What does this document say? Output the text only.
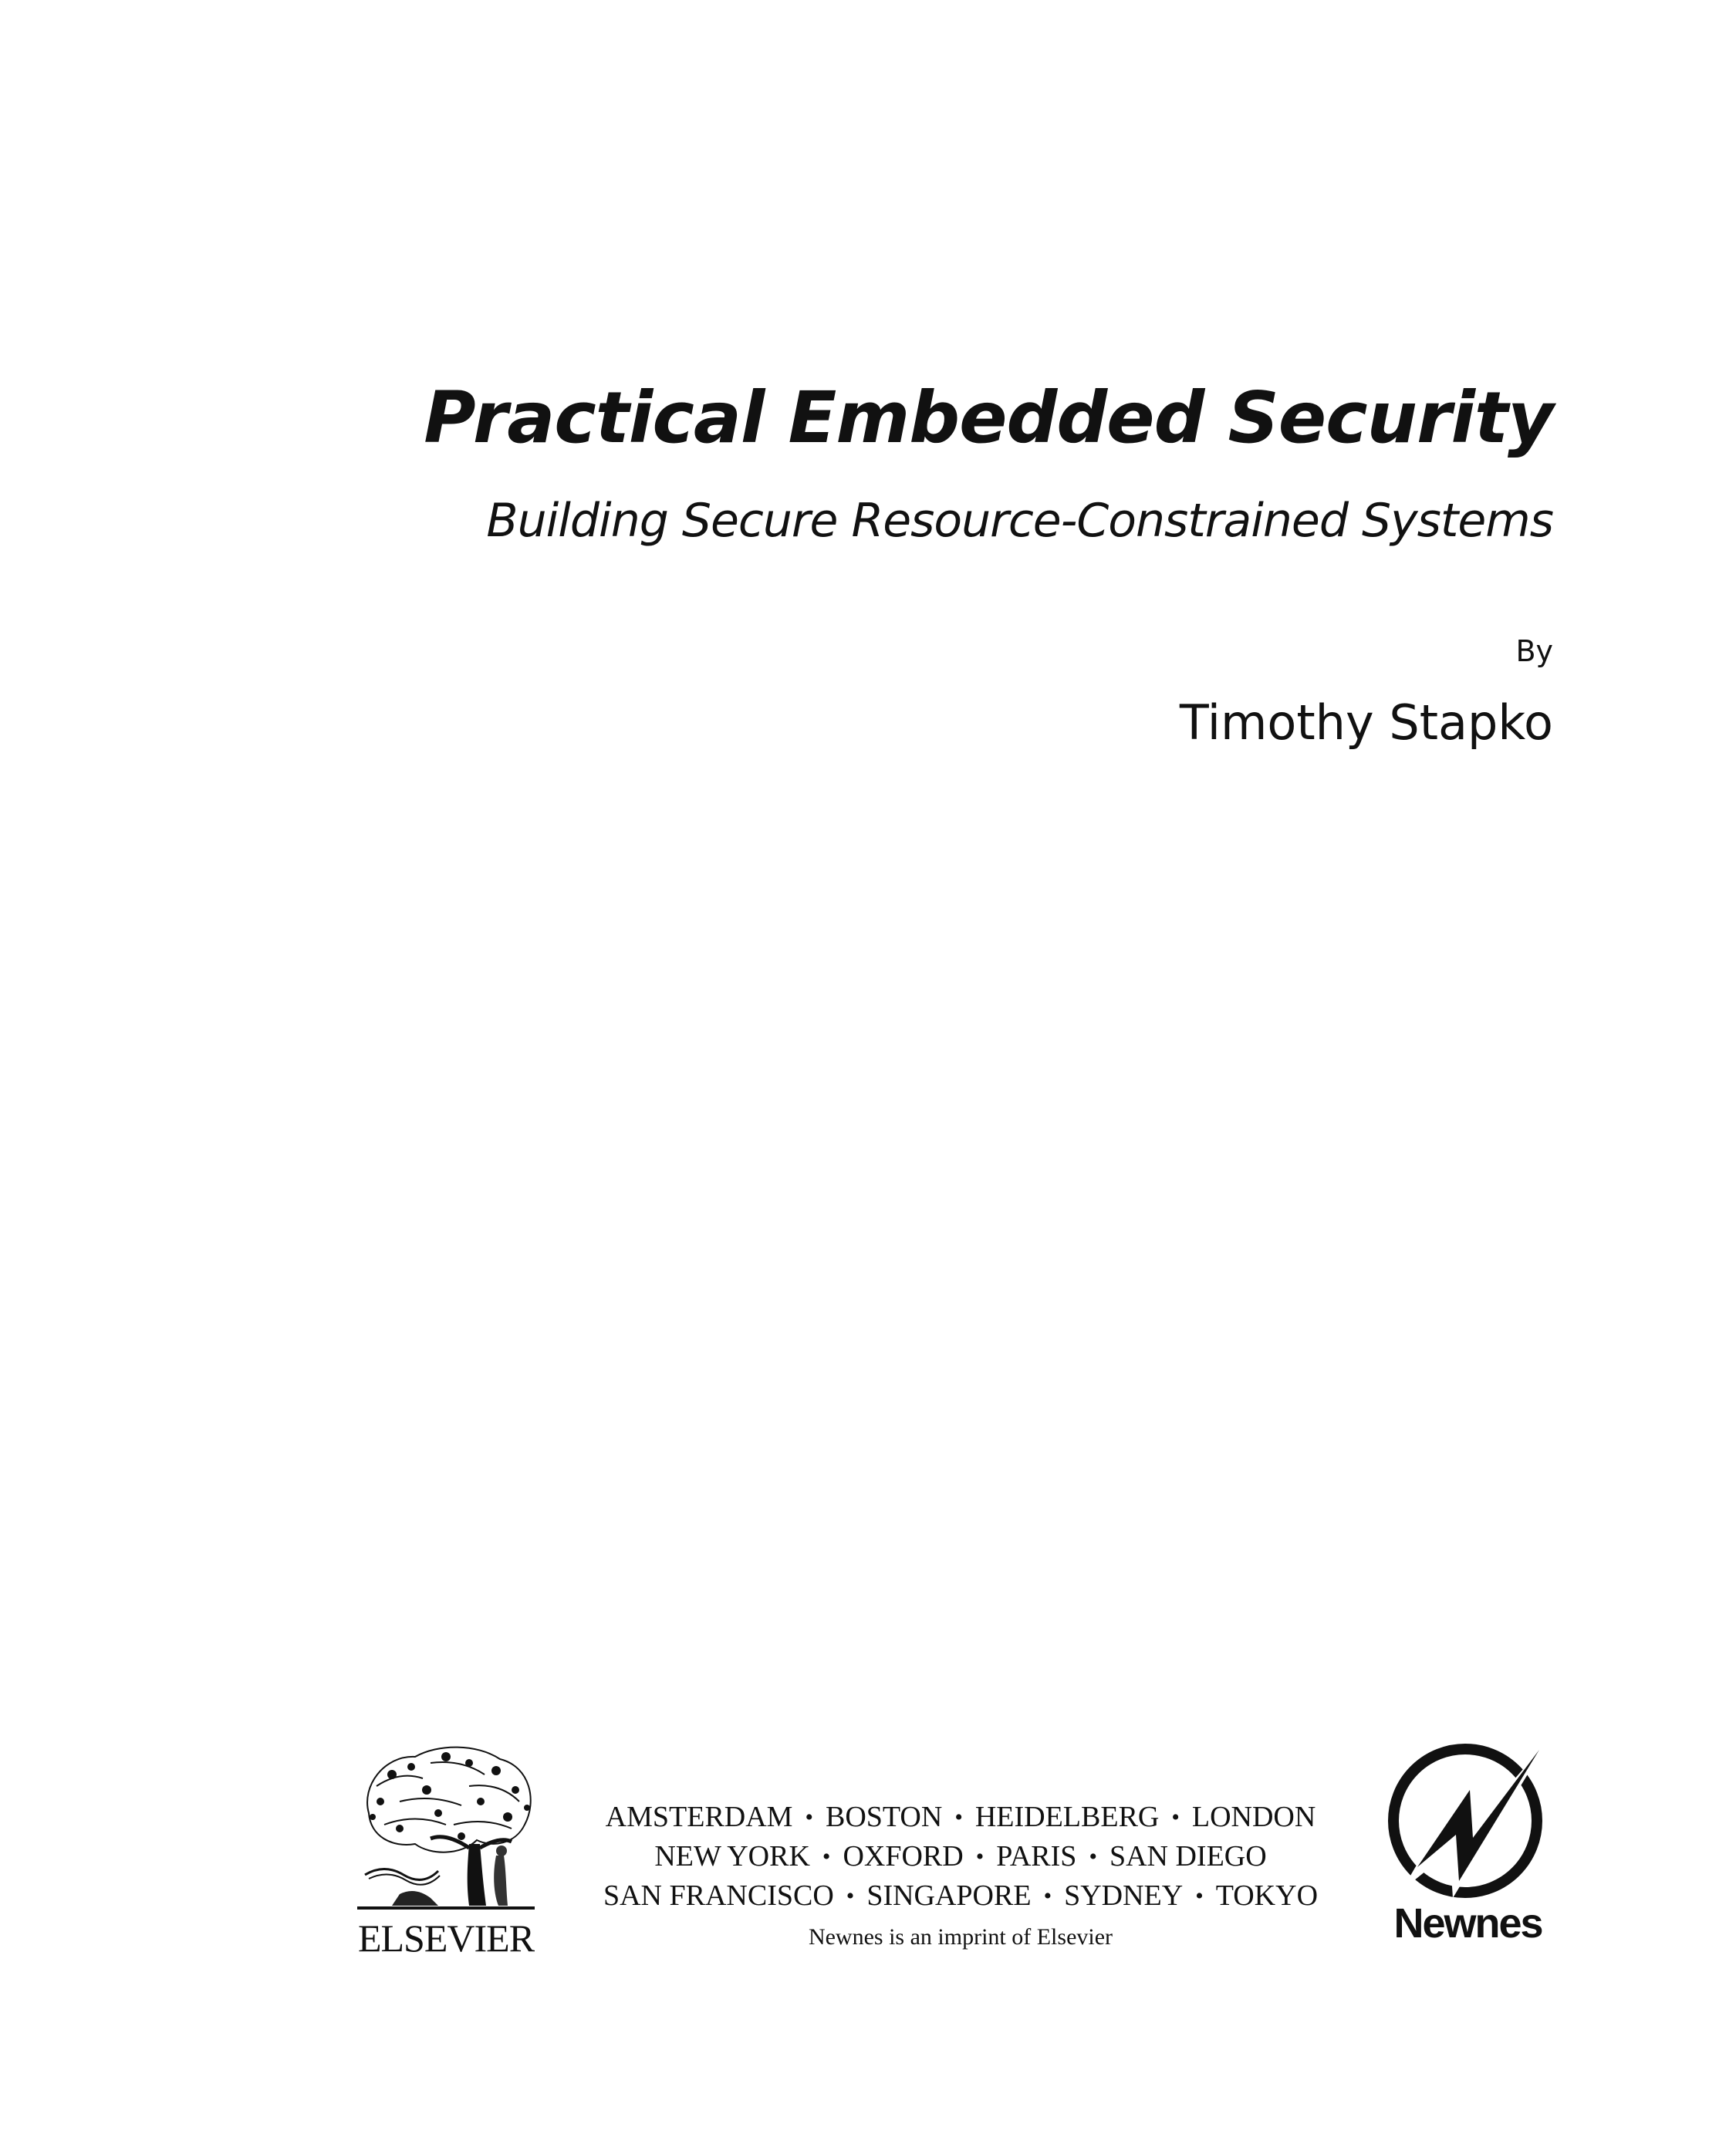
Practical Embedded Security
Building Secure Resource-Constrained Systems
By
Timothy Stapko
ELSEVIER
AMSTERDAM • BOSTON • HEIDELBERG • LONDON
NEW YORK • OXFORD • PARIS • SAN DIEGO
SAN FRANCISCO • SINGAPORE • SYDNEY • TOKYO
Newnes is an imprint of Elsevier	Newnes
